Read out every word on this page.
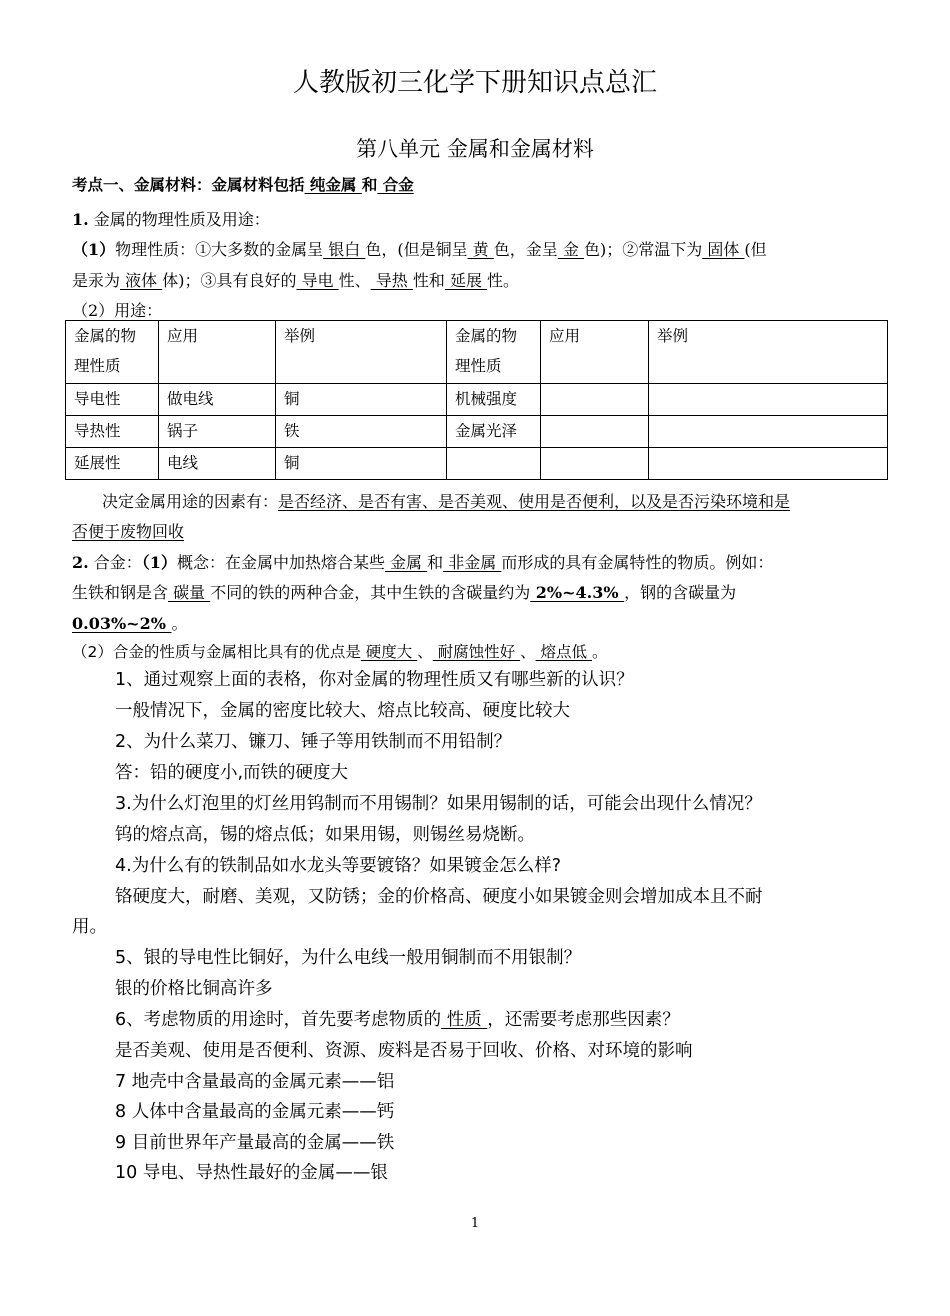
人教版初三化学下册知识点总汇
第八单元 金属和金属材料
考点一、金属材料：金属材料包括 纯金属 和 合金
1. 金属的物理性质及用途：
（1）物理性质：①大多数的金属呈 银白 色，(但是铜呈 黄 色，金呈 金 色)；②常温下为 固体 (但
是汞为 液体 体)；③具有良好的 导电 性、 导热 性和 延展 性。
（2）用途：
金属的物理性质	应用	举例	金属的物理性质	应用	举例
导电性	做电线	铜	机械强度		
导热性	锅子	铁	金属光泽		
延展性	电线	铜			
决定金属用途的因素有：是否经济、是否有害、是否美观、使用是否便利，以及是否污染环境和是
否便于废物回收
2. 合金：（1）概念：在金属中加热熔合某些 金属 和 非金属 而形成的具有金属特性的物质。例如：
生铁和钢是含 碳量 不同的铁的两种合金，其中生铁的含碳量约为 2%~4.3% ，钢的含碳量为
0.03%~2% 。
（2）合金的性质与金属相比具有的优点是 硬度大 、 耐腐蚀性好 、 熔点低 。
1、通过观察上面的表格，你对金属的物理性质又有哪些新的认识？
一般情况下，金属的密度比较大、熔点比较高、硬度比较大
2、为什么菜刀、镰刀、锤子等用铁制而不用铅制？
答：铅的硬度小,而铁的硬度大
3.为什么灯泡里的灯丝用钨制而不用锡制？如果用锡制的话，可能会出现什么情况？
钨的熔点高，锡的熔点低；如果用锡，则锡丝易烧断。
4.为什么有的铁制品如水龙头等要镀铬？如果镀金怎么样?
铬硬度大，耐磨、美观，又防锈；金的价格高、硬度小如果镀金则会增加成本且不耐
用。
5、银的导电性比铜好，为什么电线一般用铜制而不用银制？
银的价格比铜高许多
6、考虑物质的用途时，首先要考虑物质的 性质 ，还需要考虑那些因素？
是否美观、使用是否便利、资源、废料是否易于回收、价格、对环境的影响
7 地壳中含量最高的金属元素——铝
8 人体中含量最高的金属元素——钙
9 目前世界年产量最高的金属——铁
10 导电、导热性最好的金属——银
1
